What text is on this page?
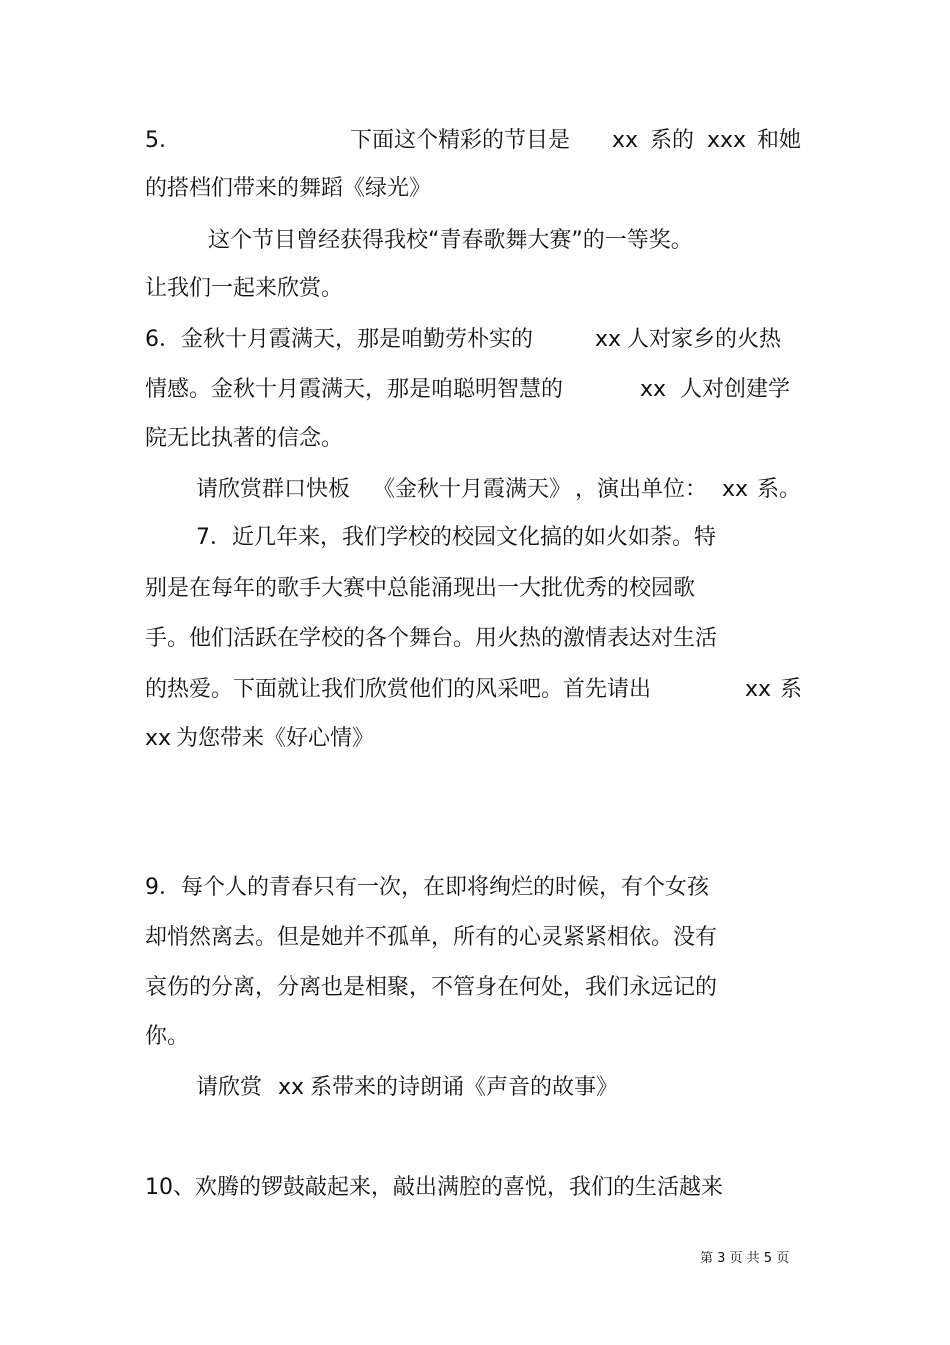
5.	下面这个精彩的节目是 xx 系的 xxx 和她
的搭档们带来的舞蹈《绿光》
这个节目曾经获得我校“青春歌舞大赛”的一等奖。
让我们一起来欣赏。
6．金秋十月霞满天，那是咱勤劳朴实的	xx 人对家乡的火热
情感。金秋十月霞满天，那是咱聪明智慧的	xx 人对创建学
院无比执著的信念。
请欣赏群口快板 《金秋十月霞满天》 ，演出单位： xx 系。
7．近几年来，我们学校的校园文化搞的如火如荼。特
别是在每年的歌手大赛中总能涌现出一大批优秀的校园歌
手。他们活跃在学校的各个舞台。用火热的激情表达对生活
的热爱。下面就让我们欣赏他们的风采吧。首先请出	xx 系
xx 为您带来《好心情》
9．每个人的青春只有一次，在即将绚烂的时候，有个女孩
却悄然离去。但是她并不孤单，所有的心灵紧紧相依。没有
哀伤的分离，分离也是相聚，不管身在何处，我们永远记的
你。
请欣赏 xx 系带来的诗朗诵《声音的故事》
10、欢腾的锣鼓敲起来，敲出满腔的喜悦，我们的生活越来
第 3 页 共 5 页
